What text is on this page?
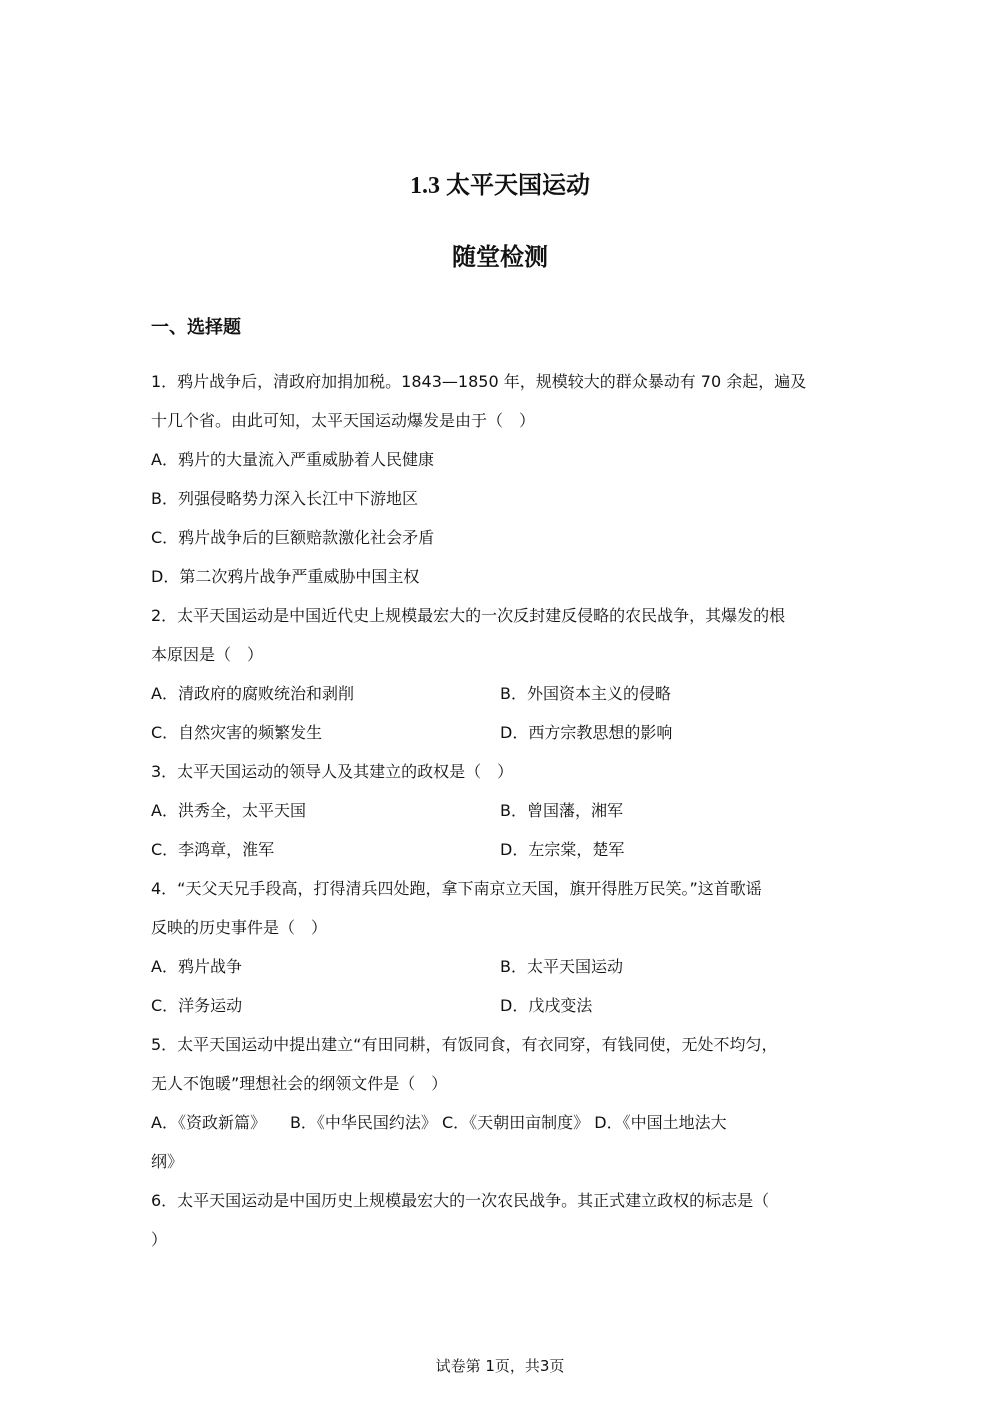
1.3 太平天国运动
随堂检测
一、选择题
1．鸦片战争后，清政府加捐加税。1843—1850 年，规模较大的群众暴动有 70 余起，遍及
十几个省。由此可知，太平天国运动爆发是由于（　）
A．鸦片的大量流入严重威胁着人民健康
B．列强侵略势力深入长江中下游地区
C．鸦片战争后的巨额赔款激化社会矛盾
D．第二次鸦片战争严重威胁中国主权
2．太平天国运动是中国近代史上规模最宏大的一次反封建反侵略的农民战争，其爆发的根
本原因是（　）
A．清政府的腐败统治和剥削	B．外国资本主义的侵略
C．自然灾害的频繁发生	D．西方宗教思想的影响
3．太平天国运动的领导人及其建立的政权是（　）
A．洪秀全，太平天国	B．曾国藩，湘军
C．李鸿章，淮军	D．左宗棠，楚军
4．“天父天兄手段高，打得清兵四处跑，拿下南京立天国，旗开得胜万民笑。”这首歌谣
反映的历史事件是（　）
A．鸦片战争	B．太平天国运动
C．洋务运动	D．戊戌变法
5．太平天国运动中提出建立“有田同耕，有饭同食，有衣同穿，有钱同使，无处不均匀，
无人不饱暖”理想社会的纲领文件是（　）
A．《资政新篇》　　B．《中华民国约法》 C．《天朝田亩制度》 D．《中国土地法大
纲》
6．太平天国运动是中国历史上规模最宏大的一次农民战争。其正式建立政权的标志是（
）
试卷第 1页，共3页
